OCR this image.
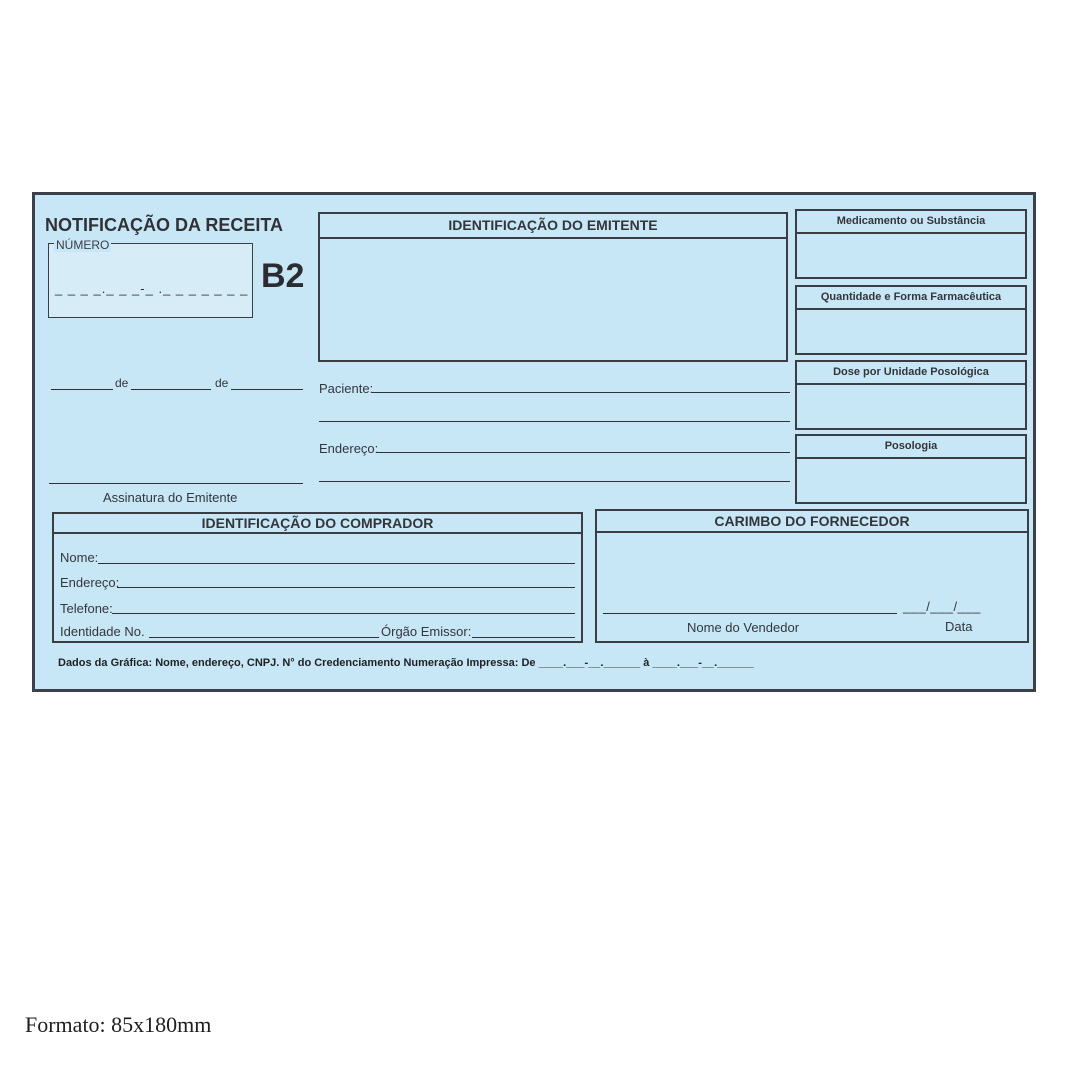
NOTIFICAÇÃO DA RECEITA
NÚMERO
_ _ _ _._ _ _-_ ._ _ _ _ _ _ _ B2
de	de
Assinatura do Emitente
IDENTIFICAÇÃO DO EMITENTE
Paciente:
Endereço:
Medicamento ou Substância
Quantidade e Forma Farmacêutica
Dose por Unidade Posológica
Posologia
IDENTIFICAÇÃO DO COMPRADOR
Nome:
Endereço:
Telefone:
Identidade No.	Órgão Emissor:
CARIMBO DO FORNECEDOR
___/___/___
Nome do Vendedor	Data
Dados da Gráfica: Nome, endereço, CNPJ. N° do Credenciamento Numeração Impressa: De ____.___-__.______ à ____.___-__.______
Formato: 85x180mm
